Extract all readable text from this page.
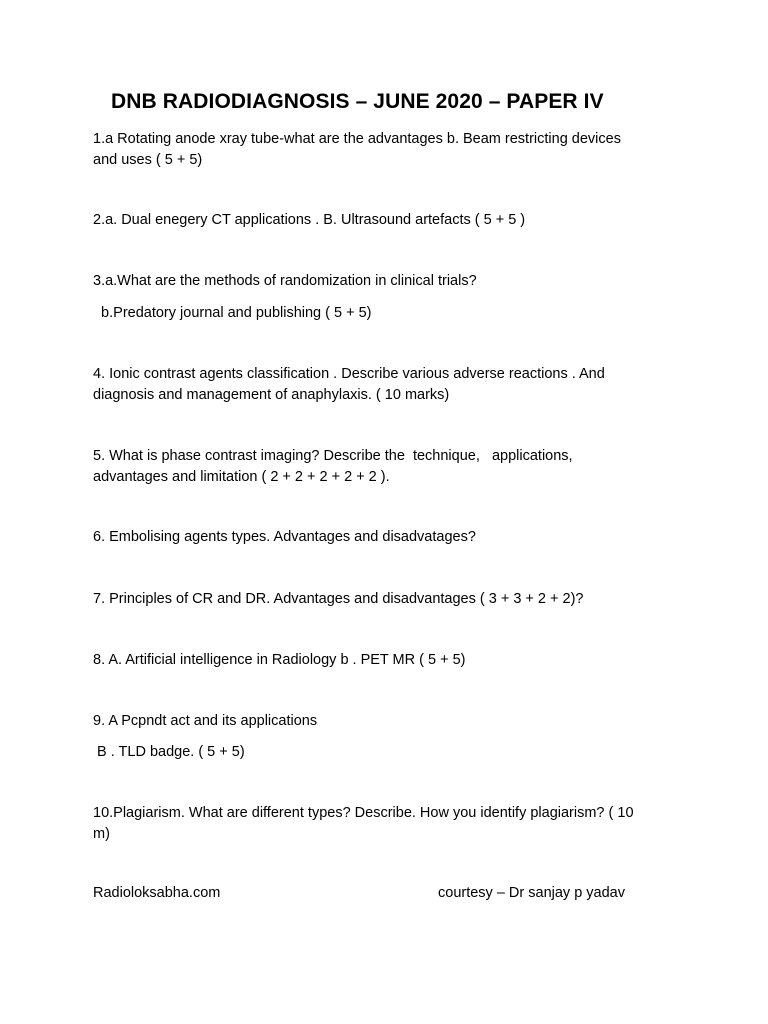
DNB RADIODIAGNOSIS – JUNE 2020 – PAPER IV
1.a Rotating anode xray tube-what are the advantages b. Beam restricting devices
and uses ( 5 + 5)
2.a. Dual enegery CT applications . B. Ultrasound artefacts ( 5 + 5 )
3.a.What are the methods of randomization in clinical trials?
b.Predatory journal and publishing ( 5 + 5)
4. Ionic contrast agents classification . Describe various adverse reactions . And
diagnosis and management of anaphylaxis. ( 10 marks)
5. What is phase contrast imaging? Describe the  technique,   applications,
advantages and limitation ( 2 + 2 + 2 + 2 + 2 ).
6. Embolising agents types. Advantages and disadvatages?
7. Principles of CR and DR. Advantages and disadvantages ( 3 + 3 + 2 + 2)?
8. A. Artificial intelligence in Radiology b . PET MR ( 5 + 5)
9. A Pcpndt act and its applications
B . TLD badge. ( 5 + 5)
10.Plagiarism. What are different types? Describe. How you identify plagiarism? ( 10
m)
Radioloksabha.com	courtesy – Dr sanjay p yadav
